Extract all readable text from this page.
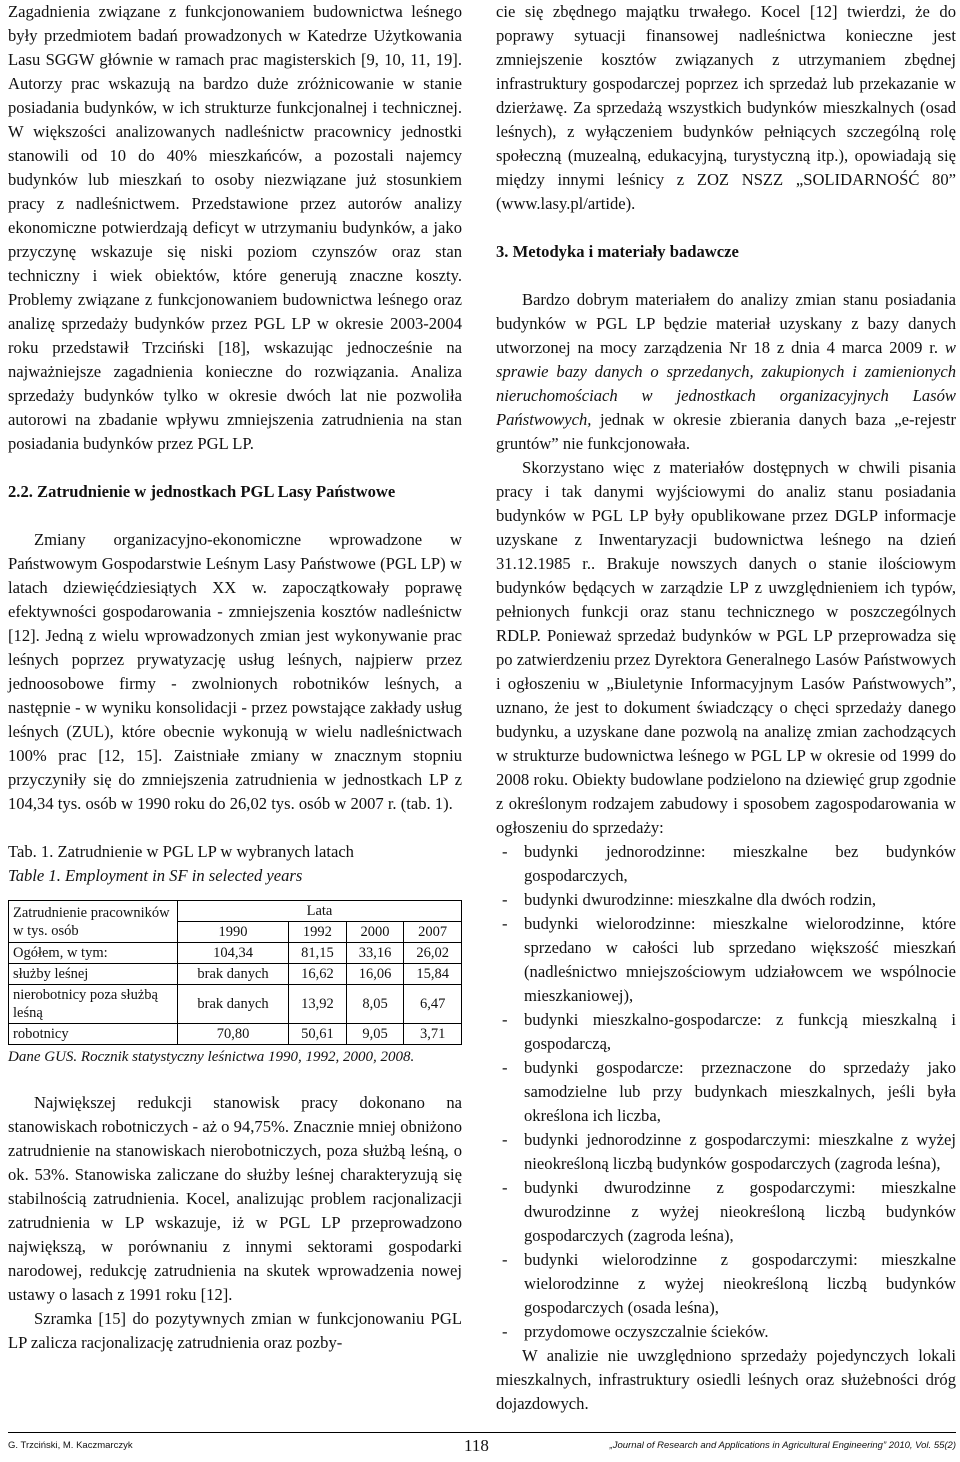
Zagadnienia związane z funkcjonowaniem budownictwa leśnego były przedmiotem badań prowadzonych w Katedrze Użytkowania Lasu SGGW głównie w ramach prac magisterskich [9, 10, 11, 19]. Autorzy prac wskazują na bardzo duże zróżnicowanie w stanie posiadania budynków, w ich strukturze funkcjonalnej i technicznej. W większości analizowanych nadleśnictw pracownicy jednostki stanowili od 10 do 40% mieszkańców, a pozostali najemcy budynków lub mieszkań to osoby niezwiązane już stosunkiem pracy z nadleśnictwem. Przedstawione przez autorów analizy ekonomiczne potwierdzają deficyt w utrzymaniu budynków, a jako przyczynę wskazuje się niski poziom czynszów oraz stan techniczny i wiek obiektów, które generują znaczne koszty. Problemy związane z funkcjonowaniem budownictwa leśnego oraz analizę sprzedaży budynków przez PGL LP w okresie 2003-2004 roku przedstawił Trzciński [18], wskazując jednocześnie na najważniejsze zagadnienia konieczne do rozwiązania. Analiza sprzedaży budynków tylko w okresie dwóch lat nie pozwoliła autorowi na zbadanie wpływu zmniejszenia zatrudnienia na stan posiadania budynków przez PGL LP.

2.2. Zatrudnienie w jednostkach PGL Lasy Państwowe

Zmiany organizacyjno-ekonomiczne wprowadzone w Państwowym Gospodarstwie Leśnym Lasy Państwowe (PGL LP) w latach dziewięćdziesiątych XX w. zapoczątkowały poprawę efektywności gospodarowania - zmniejszenia kosztów nadleśnictw [12]. Jedną z wielu wprowadzonych zmian jest wykonywanie prac leśnych poprzez prywatyzację usług leśnych, najpierw przez jednoosobowe firmy - zwolnionych robotników leśnych, a następnie - w wyniku konsolidacji - przez powstające zakłady usług leśnych (ZUL), które obecnie wykonują w wielu nadleśnictwach 100% prac [12, 15]. Zaistniałe zmiany w znacznym stopniu przyczyniły się do zmniejszenia zatrudnienia w jednostkach LP z 104,34 tys. osób w 1990 roku do 26,02 tys. osób w 2007 r. (tab. 1).

Tab. 1. Zatrudnienie w PGL LP w wybranych latach

Table 1. Employment in SF in selected years

Zatrudnienie pracowników w tys. osób	Lata			
	1990	1992	2000	2007
Ogółem, w tym:	104,34	81,15	33,16	26,02
służby leśnej	brak danych	16,62	16,06	15,84
nierobotnicy poza służbą leśną	brak danych	13,92	8,05	6,47
robotnicy	70,80	50,61	9,05	3,71
Dane GUS. Rocznik statystyczny leśnictwa 1990, 1992, 2000, 2008.

Największej redukcji stanowisk pracy dokonano na stanowiskach robotniczych - aż o 94,75%. Znacznie mniej obniżono zatrudnienie na stanowiskach nierobotniczych, poza służbą leśną, o ok. 53%. Stanowiska zaliczane do służby leśnej charakteryzują się stabilnością zatrudnienia. Kocel, analizując problem racjonalizacji zatrudnienia w LP wskazuje, iż w PGL LP przeprowadzono największą, w porównaniu z innymi sektorami gospodarki narodowej, redukcję zatrudnienia na skutek wprowadzenia nowej ustawy o lasach z 1991 roku [12].

Szramka [15] do pozytywnych zmian w funkcjonowaniu PGL LP zalicza racjonalizację zatrudnienia oraz pozby-

cie się zbędnego majątku trwałego. Kocel [12] twierdzi, że do poprawy sytuacji finansowej nadleśnictwa konieczne jest zmniejszenie kosztów związanych z utrzymaniem zbędnej infrastruktury gospodarczej poprzez ich sprzedaż lub przekazanie w dzierżawę. Za sprzedażą wszystkich budynków mieszkalnych (osad leśnych), z wyłączeniem budynków pełniących szczególną rolę społeczną (muzealną, edukacyjną, turystyczną itp.), opowiadają się między innymi leśnicy z ZOZ NSZZ „SOLIDARNOŚĆ 80” (www.lasy.pl/artide).

3. Metodyka i materiały badawcze

Bardzo dobrym materiałem do analizy zmian stanu posiadania budynków w PGL LP będzie materiał uzyskany z bazy danych utworzonej na mocy zarządzenia Nr 18 z dnia 4 marca 2009 r. w sprawie bazy danych o sprzedanych, zakupionych i zamienionych nieruchomościach w jednostkach organizacyjnych Lasów Państwowych, jednak w okresie zbierania danych baza „e-rejestr gruntów” nie funkcjonowała.

Skorzystano więc z materiałów dostępnych w chwili pisania pracy i tak danymi wyjściowymi do analiz stanu posiadania budynków w PGL LP były opublikowane przez DGLP informacje uzyskane z Inwentaryzacji budownictwa leśnego na dzień 31.12.1985 r.. Brakuje nowszych danych o stanie ilościowym budynków będących w zarządzie LP z uwzględnieniem ich typów, pełnionych funkcji oraz stanu technicznego w poszczególnych RDLP. Ponieważ sprzedaż budynków w PGL LP przeprowadza się po zatwierdzeniu przez Dyrektora Generalnego Lasów Państwowych i ogłoszeniu w „Biuletynie Informacyjnym Lasów Państwowych”, uznano, że jest to dokument świadczący o chęci sprzedaży danego budynku, a uzyskane dane pozwolą na analizę zmian zachodzących w strukturze budownictwa leśnego w PGL LP w okresie od 1999 do 2008 roku. Obiekty budowlane podzielono na dziewięć grup zgodnie z określonym rodzajem zabudowy i sposobem zagospodarowania w ogłoszeniu do sprzedaży:

- budynki jednorodzinne: mieszkalne bez budynków gospodarczych,
- budynki dwurodzinne: mieszkalne dla dwóch rodzin,
- budynki wielorodzinne: mieszkalne wielorodzinne, które sprzedano w całości lub sprzedano większość mieszkań (nadleśnictwo mniejszościowym udziałowcem we wspólnocie mieszkaniowej),
- budynki mieszkalno-gospodarcze: z funkcją mieszkalną i gospodarczą,
- budynki gospodarcze: przeznaczone do sprzedaży jako samodzielne lub przy budynkach mieszkalnych, jeśli była określona ich liczba,
- budynki jednorodzinne z gospodarczymi: mieszkalne z wyżej nieokreśloną liczbą budynków gospodarczych (zagroda leśna),
- budynki dwurodzinne z gospodarczymi: mieszkalne dwurodzinne z wyżej nieokreśloną liczbą budynków gospodarczych (zagroda leśna),
- budynki wielorodzinne z gospodarczymi: mieszkalne wielorodzinne z wyżej nieokreśloną liczbą budynków gospodarczych (osada leśna),
- przydomowe oczyszczalnie ścieków.

W analizie nie uwzględniono sprzedaży pojedynczych lokali mieszkalnych, infrastruktury osiedli leśnych oraz służebności dróg dojazdowych.

G. Trzciński, M. Kaczmarczyk	118	„Journal of Research and Applications in Agricultural Engineering” 2010, Vol. 55(2)
